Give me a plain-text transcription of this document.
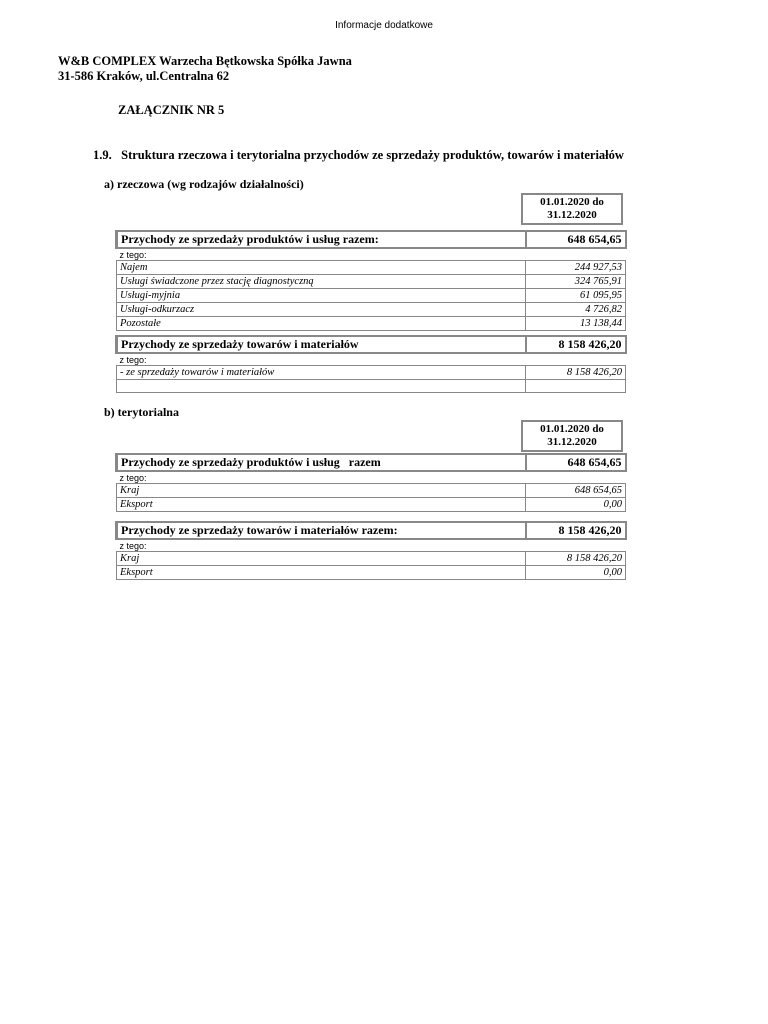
Informacje dodatkowe
W&B COMPLEX Warzecha Bętkowska Spółka Jawna
31-586 Kraków, ul.Centralna 62
ZAŁĄCZNIK NR 5
1.9. Struktura rzeczowa i terytorialna przychodów ze sprzedaży produktów, towarów i materiałów
a) rzeczowa (wg rodzajów działalności)
01.01.2020 do
31.12.2020
Przychody ze sprzedaży produktów i usług razem:	648 654,65
z tego:	
Najem	244 927,53
Usługi świadczone przez stację diagnostyczną	324 765,91
Usługi-myjnia	61 095,95
Usługi-odkurzacz	4 726,82
Pozostałe	13 138,44
Przychody ze sprzedaży towarów i materiałów	8 158 426,20
z tego:	
- ze sprzedaży towarów i materiałów	8 158 426,20

b) terytorialna
01.01.2020 do
31.12.2020
Przychody ze sprzedaży produktów i usług   razem	648 654,65
z tego:	
Kraj	648 654,65
Eksport	0,00
Przychody ze sprzedaży towarów i materiałów razem:	8 158 426,20
z tego:	
Kraj	8 158 426,20
Eksport	0,00
